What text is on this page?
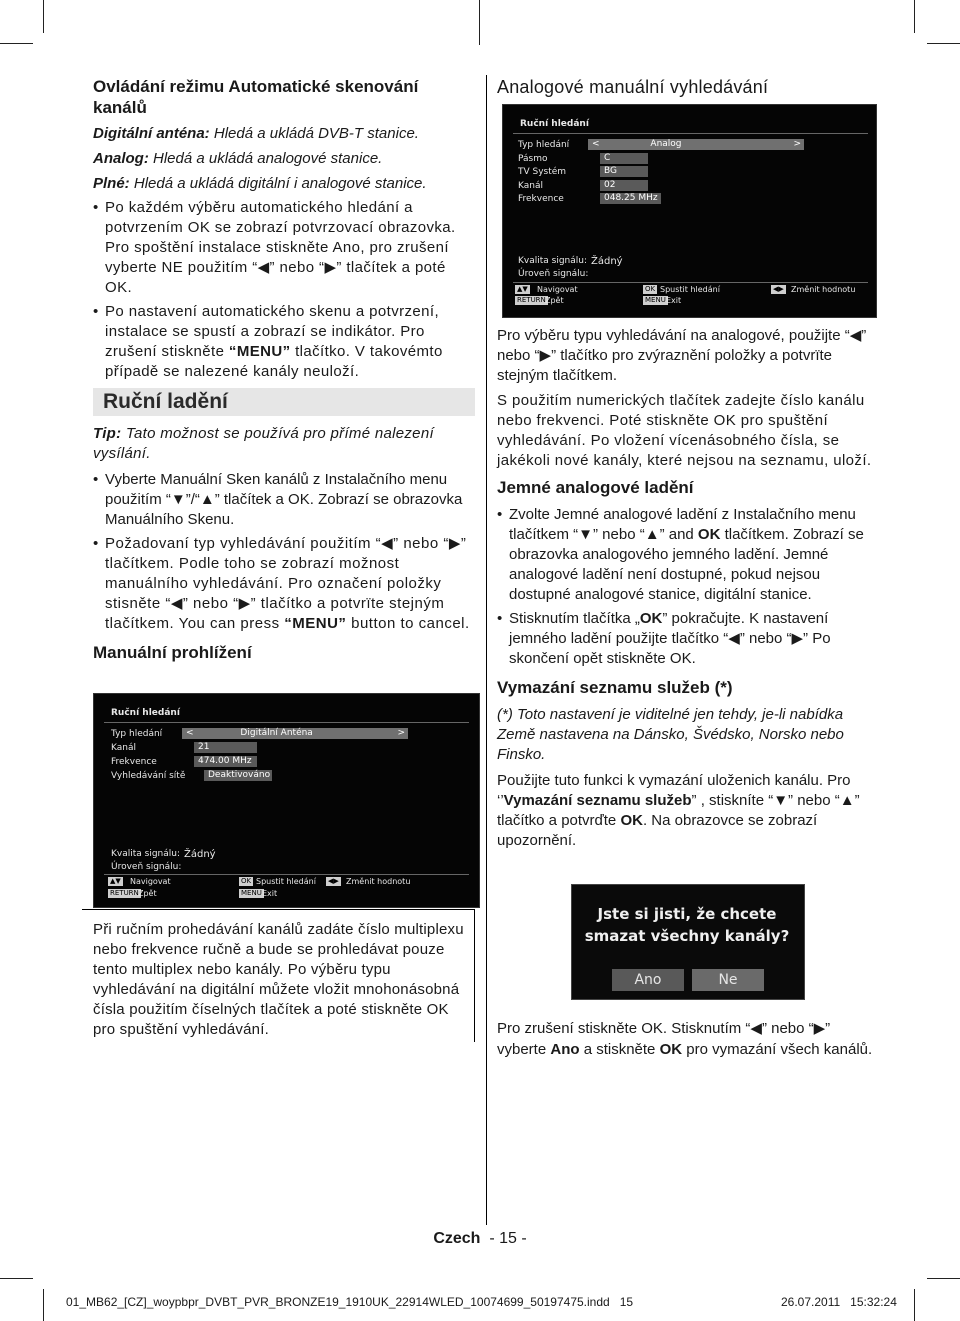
Ovládání režimu Automatické skenování kanálů
Digitální anténa: Hledá a ukládá DVB-T stanice.
Analog: Hledá a ukládá analogové stanice.
Plné: Hledá a ukládá digitální i analogové stanice.
• Po každém výběru automatického hledání a potvrzením OK se zobrazí potvrzovací obrazovka. Pro spoštění instalace stiskněte Ano, pro zrušení vyberte NE použitím “◀” nebo “▶” tlačítek a poté OK.
• Po nastavení automatického skenu a potvrzení, instalace se spustí a zobrazí se indikátor. Pro zrušení stiskněte “MENU” tlačítko. V takovémto případě se nalezené kanály neuloží.
Ruční ladění
Tip: Tato možnost se používá pro přímé nalezení vysílání.
• Vyberte Manuální Sken kanálů z Instalačního menu použitím “▼”/“▲” tlačítek a OK. Zobrazí se obrazovka Manuálního Skenu.
• Požadovaní typ vyhledávání použitím “◀” nebo “▶” tlačítkem. Podle toho se zobrazí možnost manuálního vyhledávání. Pro označení položky stisněte “◀” nebo “▶” tlačítko a potvrïte stejným tlačítkem. You can press “MENU” button to cancel.
Manuální prohlížení
Ruční hledání
Typ hledání	<	Digitální Anténa	>
Kanál	21
Frekvence	474.00 MHz
Vyhledávání sítě	Deaktivováno
Kvalita signálu: Žádný
Úroveň signálu:
▲▼ Navigovat
RETURN Zpět
OK Spustit hledání
MENU Exit
◀▶ Změnit hodnotu
Při ručním prohedávání kanálů zadáte číslo multiplexu nebo frekvence ručně a bude se prohledávat pouze tento multiplex nebo kanály. Po výběru typu vyhledávání na digitální můžete vložit mnohonásobná čísla použitím číselných tlačítek a poté stiskněte OK pro spuštění vyhledávání.
Analogové manuální vyhledávání
Ruční hledání
Typ hledání	<	Analog	>
Pásmo	C
TV Systém	BG
Kanál	02
Frekvence	048.25 MHz
Kvalita signálu: Žádný
Úroveň signálu:
▲▼ Navigovat
RETURN Zpět
OK Spustit hledání
MENU Exit
◀▶ Změnit hodnotu
Pro výběru typu vyhledávání na analogové, použijte “◀” nebo “▶” tlačítko pro zvýraznění položky a potvrïte stejným tlačítkem.
S použitím numerických tlačítek zadejte číslo kanálu nebo frekvenci. Poté stiskněte OK pro spuštění vyhledávání. Po vložení vícenásobného čísla, se jakékoli nové kanály, které nejsou na seznamu, uloží.
Jemné analogové ladění
• Zvolte Jemné analogové ladění z Instalačního menu tlačítkem “▼” nebo “▲” and OK tlačítkem. Zobrazí se obrazovka analogového jemného ladění. Jemné analogové ladění není dostupné, pokud nejsou dostupné analogové stanice, digitální stanice.
• Stisknutím tlačítka „OK” pokračujte. K nastavení jemného ladění použijte tlačítko “◀” nebo “▶” Po skončení opět stiskněte OK.
Vymazání seznamu služeb (*)
(*) Toto nastavení je viditelné jen tehdy, je-li nabídka Země nastavena na Dánsko, Švédsko, Norsko nebo Finsko.
Použijte tuto funkci k vymazání uloženich kanálu. Pro ‘’Vymazání seznamu služeb” , stiskníte “▼” nebo “▲” tlačítko a potvrďte OK. Na obrazovce se zobrazí upozornění.
Jste si jisti, že chcete smazat všechny kanály?
Ano	Ne
Pro zrušení stiskněte OK. Stisknutím “◀” nebo “▶” vyberte Ano a stiskněte OK pro vymazání všech kanálů.
Czech - 15 -
01_MB62_[CZ]_woypbpr_DVBT_PVR_BRONZE19_1910UK_22914WLED_10074699_50197475.indd   15	26.07.2011   15:32:24
